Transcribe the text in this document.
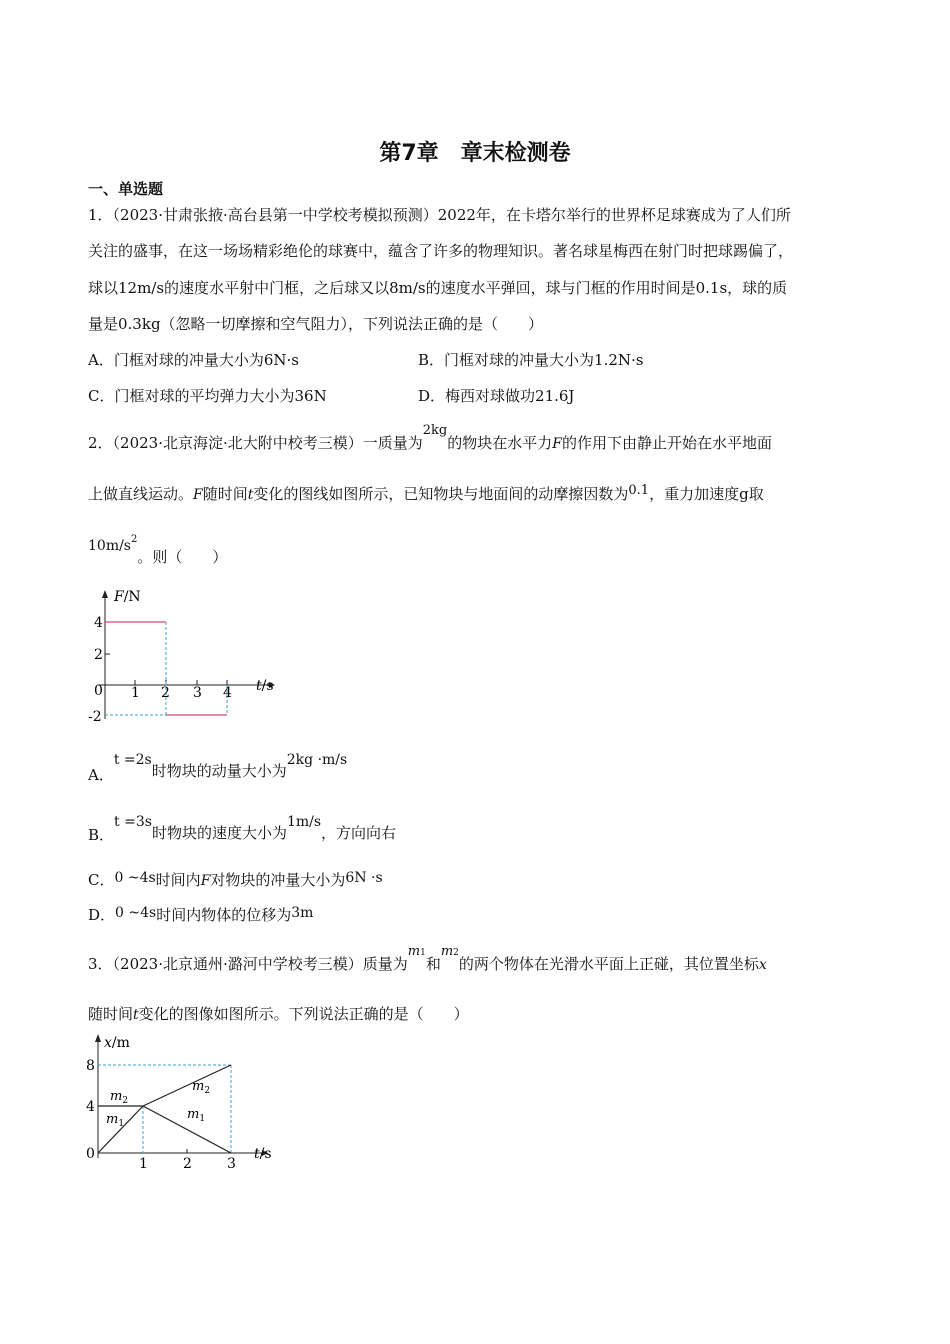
第7章　章末检测卷
一、单选题
1．（2023·甘肃张掖·高台县第一中学校考模拟预测）2022年，在卡塔尔举行的世界杯足球赛成为了人们所
关注的盛事，在这一场场精彩绝伦的球赛中，蕴含了许多的物理知识。著名球星梅西在射门时把球踢偏了，
球以12m/s的速度水平射中门框，之后球又以8m/s的速度水平弹回，球与门框的作用时间是0.1s，球的质
量是0.3kg（忽略一切摩擦和空气阻力），下列说法正确的是（　　）
A．门框对球的冲量大小为6N·s	B．门框对球的冲量大小为1.2N·s
C．门框对球的平均弹力大小为36N	D．梅西对球做功21.6J
2．（2023·北京海淀·北大附中校考三模）一质量为2kg的物块在水平力F的作用下由静止开始在水平地面
上做直线运动。F随时间t变化的图线如图所示，已知物块与地面间的动摩擦因数为0.1，重力加速度g取
$10m/s^2$。则（　　）
F/N
t/s
4
2
0
-2
1 2 3 4
A．t =2s时物块的动量大小为2kg ·m/s
B．t =3s时物块的速度大小为1m/s，方向向右
C．0 ~4s时间内F对物块的冲量大小为6N ·s
D．0 ~4s时间内物体的位移为3m
3．（2023·北京通州·潞河中学校考三模）质量为m1和m2的两个物体在光滑水平面上正碰，其位置坐标x
随时间t变化的图像如图所示。下列说法正确的是（　　）
x/m
t/s
8
4
0
1	2	3
$m_2$
$m_1$
$m_2$
$m_1$
